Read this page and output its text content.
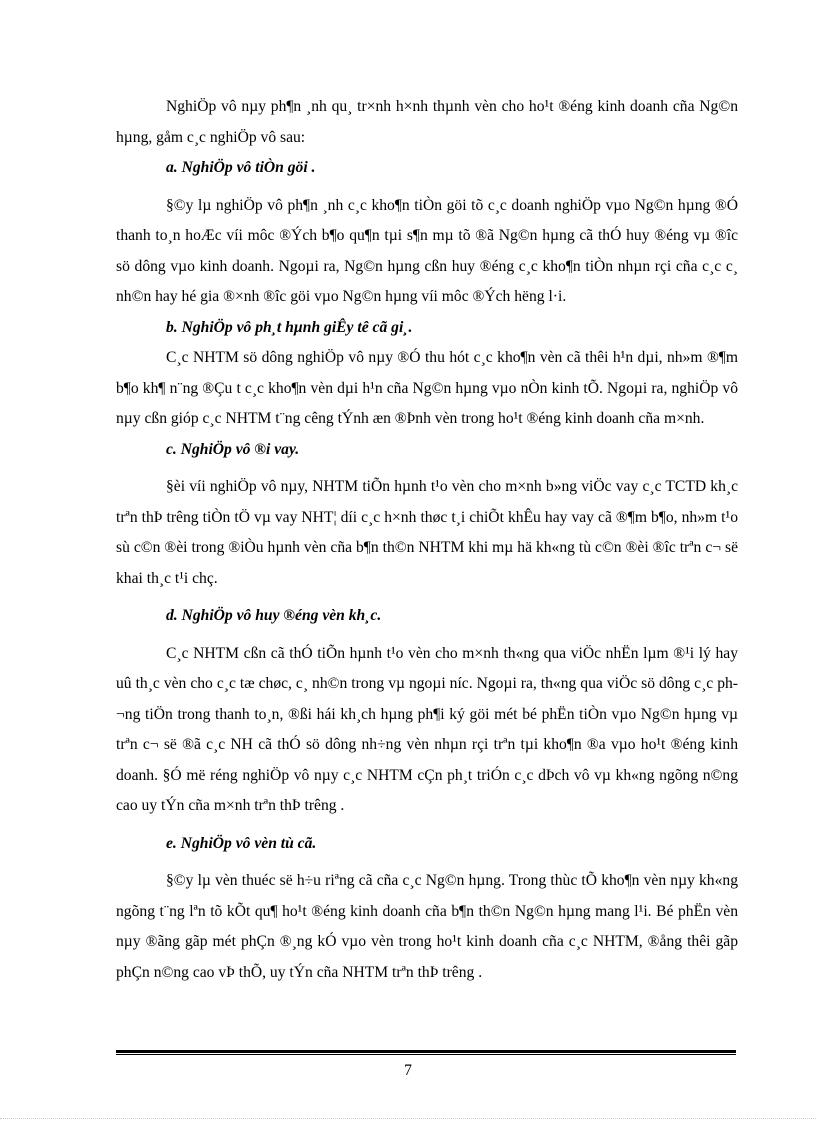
NghiÖp vô nµy ph¶n ¸nh qu¸ tr×nh h×nh thµnh vèn cho ho¹t ®éng kinh doanh cña Ng©n hµng, gåm c¸c nghiÖp vô sau:

a. NghiÖp vô tiÒn göi .

§©y lµ nghiÖp vô ph¶n ¸nh c¸c kho¶n tiÒn göi tõ c¸c doanh nghiÖp vµo Ng©n hµng ®Ó thanh to¸n hoÆc víi môc ®Ých b¶o qu¶n tµi s¶n mµ tõ ®ã Ng©n hµng cã thÓ huy ®éng vµ ®îc sö dông vµo kinh doanh. Ngoµi ra, Ng©n hµng cßn huy ®éng c¸c kho¶n tiÒn nhµn rçi cña c¸c c¸ nh©n hay hé gia ®×nh ®îc göi vµo Ng©n hµng víi môc ®Ých hëng l·i.

b. NghiÖp vô ph¸t hµnh giÊy tê cã gi¸.

C¸c NHTM sö dông nghiÖp vô nµy ®Ó thu hót c¸c kho¶n vèn cã thêi h¹n dµi, nh»m ®¶m b¶o kh¶ n¨ng ®Çu t c¸c kho¶n vèn dµi h¹n cña Ng©n hµng vµo nÒn kinh tÕ. Ngoµi ra, nghiÖp vô nµy cßn gióp c¸c NHTM t¨ng cêng tÝnh æn ®Þnh vèn trong ho¹t ®éng kinh doanh cña m×nh.

c. NghiÖp vô ®i vay.

§èi víi nghiÖp vô nµy, NHTM tiÕn hµnh t¹o vèn cho m×nh b»ng viÖc vay c¸c TCTD kh¸c trªn thÞ trêng tiÒn tÖ vµ vay NHT¦ díi c¸c h×nh thøc t¸i chiÕt khÊu hay vay cã ®¶m b¶o, nh»m t¹o sù c©n ®èi trong ®iÒu hµnh vèn cña b¶n th©n NHTM khi mµ hä kh«ng tù c©n ®èi ®îc trªn c¬ së khai th¸c t¹i chç.

d. NghiÖp vô huy ®éng vèn kh¸c.

C¸c NHTM cßn cã thÓ tiÕn hµnh t¹o vèn cho m×nh th«ng qua viÖc nhËn lµm ®¹i lý hay uû th¸c vèn cho c¸c tæ chøc, c¸ nh©n trong vµ ngoµi níc. Ngoµi ra, th«ng qua viÖc sö dông c¸c ph¬ng tiÖn trong thanh to¸n, ®ßi hái kh¸ch hµng ph¶i ký göi mét bé phËn tiÒn vµo Ng©n hµng vµ trªn c¬ së ®ã c¸c NH cã thÓ sö dông nh÷ng vèn nhµn rçi trªn tµi kho¶n ®a vµo ho¹t ®éng kinh doanh. §Ó më réng nghiÖp vô nµy c¸c NHTM cÇn ph¸t triÓn c¸c dÞch vô vµ kh«ng ngõng n©ng cao uy tÝn cña m×nh trªn thÞ trêng .

e. NghiÖp vô vèn tù cã.

§©y lµ vèn thuéc së h÷u riªng cã cña c¸c Ng©n hµng. Trong thùc tÕ kho¶n vèn nµy kh«ng ngõng t¨ng lªn tõ kÕt qu¶ ho¹t ®éng kinh doanh cña b¶n th©n Ng©n hµng mang l¹i. Bé phËn vèn nµy ®ãng gãp mét phÇn ®¸ng kÓ vµo vèn trong ho¹t kinh doanh cña c¸c NHTM, ®ång thêi gãp phÇn n©ng cao vÞ thÕ, uy tÝn cña NHTM trªn thÞ trêng .

7
